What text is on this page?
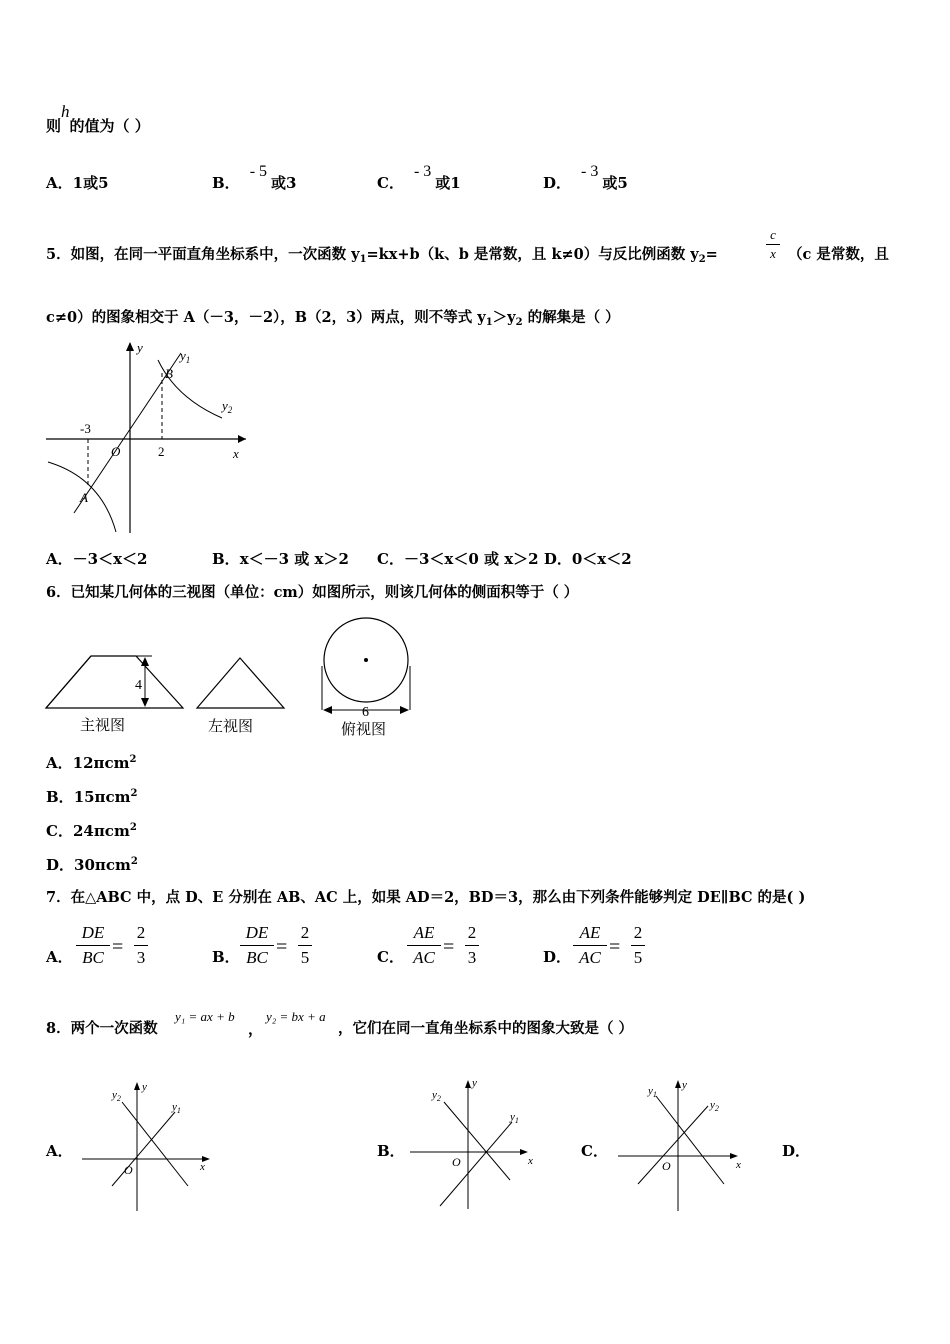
则h的值为（ ）
A．1或5	B．- 5或3	C．- 3或1	D．- 3或5
5．如图，在同一平面直角坐标系中，一次函数 $y_1=kx+b(k$、b 是常数，且 k≠0）与反比例函数 $y_2=$
c
x （c 是常数，且
c≠0）的图象相交于 A（－3，－2），B（2，3）两点，则不等式 $y_1>y_2$ 的解集是（ ）
y
$y_1$
$y_2$
B
A
O	x
-3
2
A．－3＜x＜2	B．x＜－3 或 x＞2 C．－3＜x＜0 或 x＞2 D．0＜x＜2
6．已知某几何体的三视图（单位：cm）如图所示，则该几何体的侧面积等于（ ）
4
主视图	左视图
6
俯视图
A．12πcm$^2$
B．15πcm$^2$
C．24πcm$^2$
D．30πcm$^2$
7．在△ABC 中，点 D、E 分别在 AB、AC 上，如果 AD＝2，BD＝3，那么由下列条件能够判定 DE∥BC 的是( )
A．
DE
BC =
2
3	B．
DE
BC =
2
5	C．
AE
AC =
2
3	D．
AE
AC =
2
5
8．两个一次函数
y₁ = ax + b
，
y₂ = bx + a
，它们在同一直角坐标系中的图象大致是（ ）
A．	B．	C．	D．
y
$y_2$
$y_1$
O	x
y
$y_2$
$y_1$
O	x
y
$y_1$
$y_2$
O	x
